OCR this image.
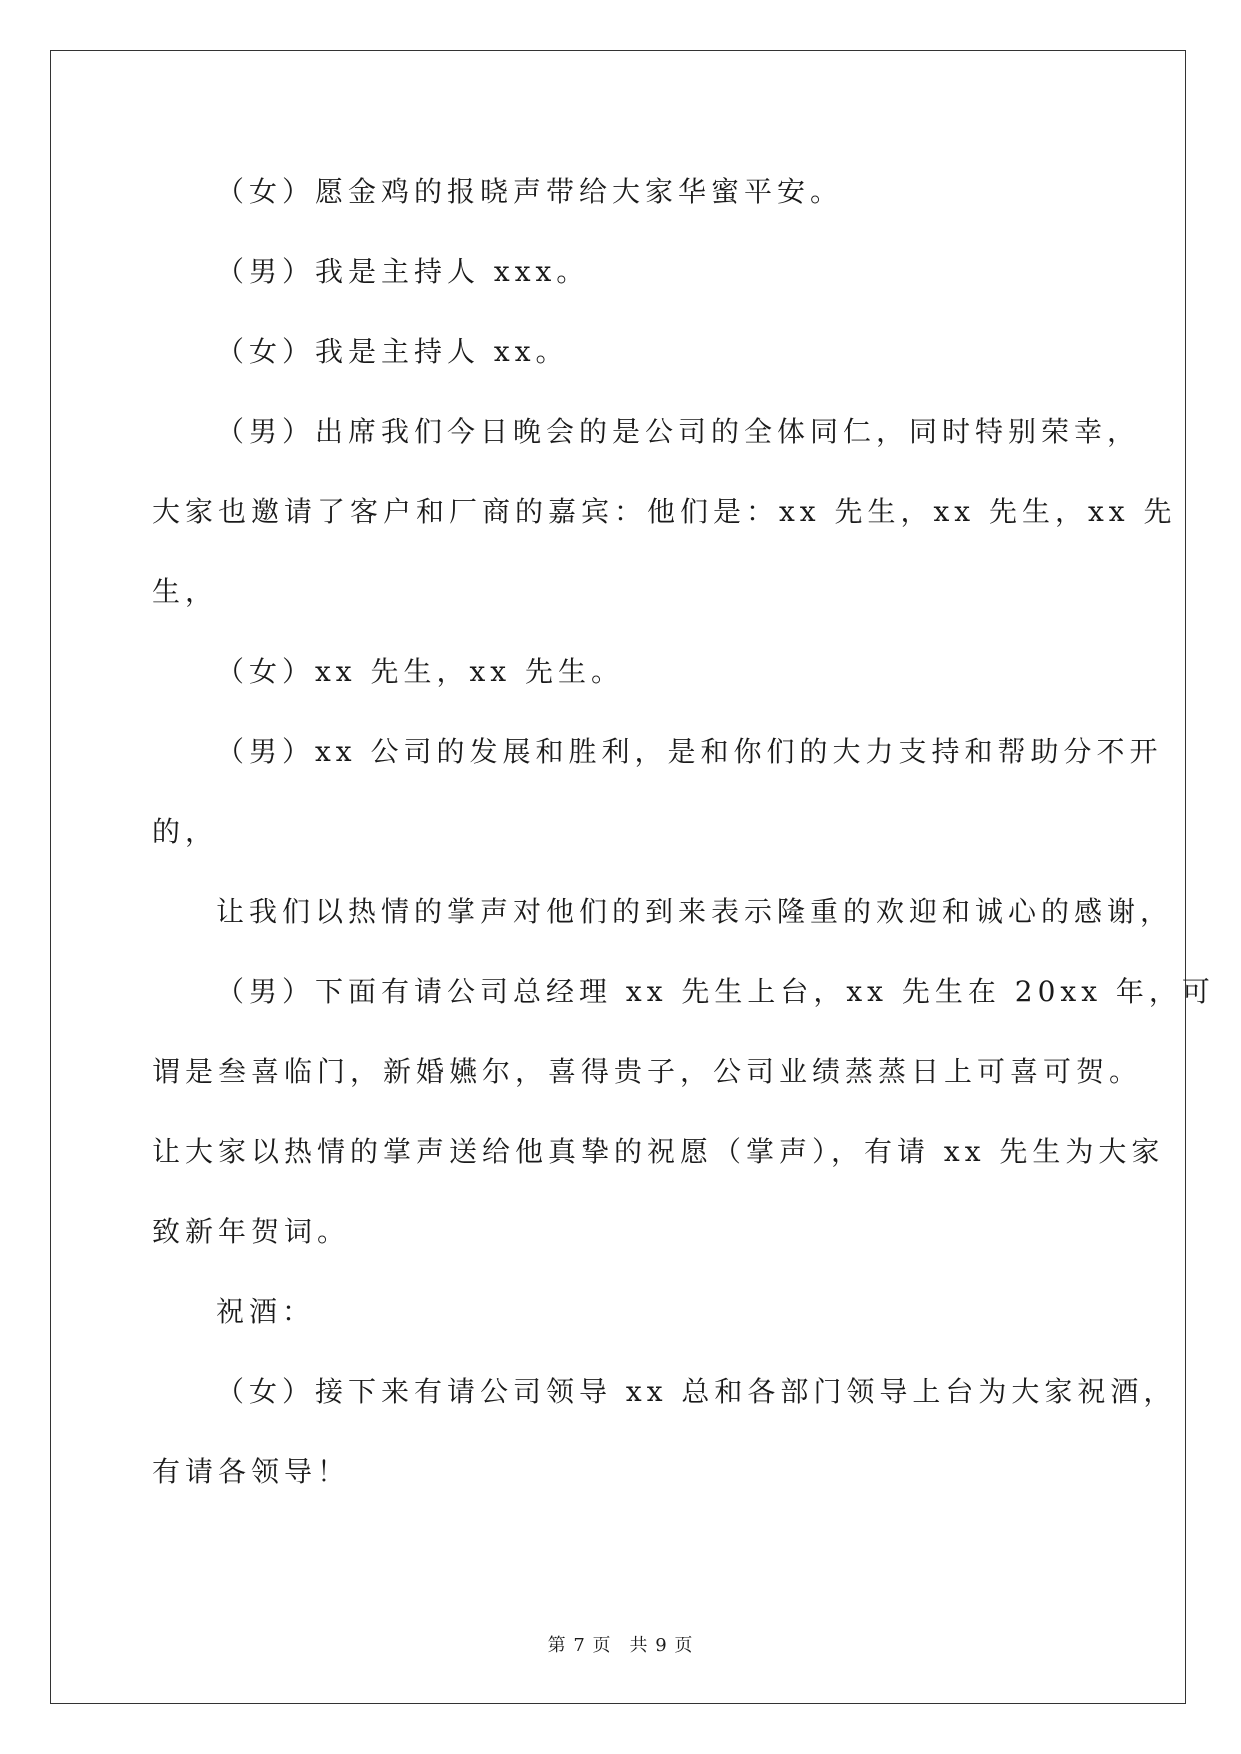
（女）愿金鸡的报晓声带给大家华蜜平安。
（男）我是主持人 xxx。
（女）我是主持人 xx。
（男）出席我们今日晚会的是公司的全体同仁，同时特别荣幸，
大家也邀请了客户和厂商的嘉宾：他们是：xx 先生，xx 先生，xx 先
生，
（女）xx 先生，xx 先生。
（男）xx 公司的发展和胜利，是和你们的大力支持和帮助分不开
的，
让我们以热情的掌声对他们的到来表示隆重的欢迎和诚心的感谢，
（男）下面有请公司总经理 xx 先生上台，xx 先生在 20xx 年，可
谓是叁喜临门，新婚嬿尔，喜得贵子，公司业绩蒸蒸日上可喜可贺。
让大家以热情的掌声送给他真挚的祝愿（掌声），有请 xx 先生为大家
致新年贺词。
祝酒：
（女）接下来有请公司领导 xx 总和各部门领导上台为大家祝酒，
有请各领导！
第 7 页 共 9 页
